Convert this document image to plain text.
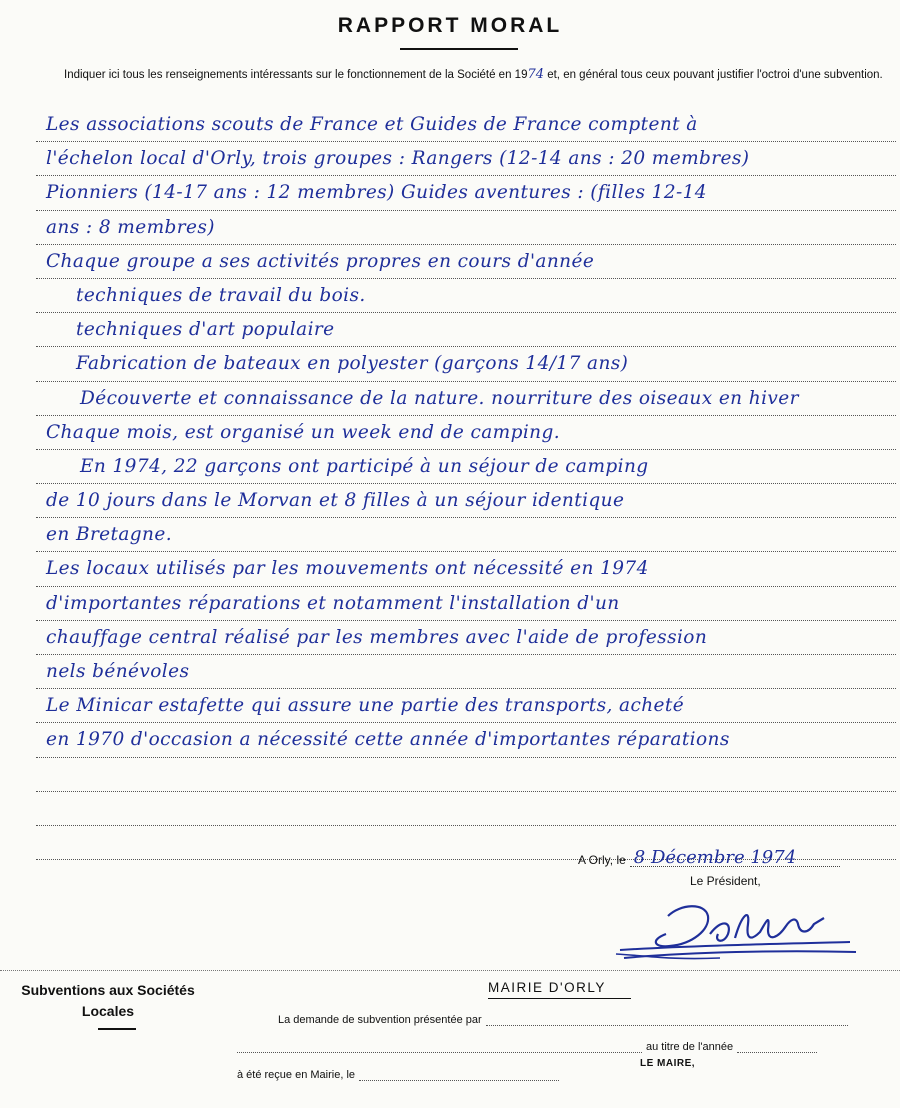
RAPPORT MORAL
Indiquer ici tous les renseignements intéressants sur le fonctionnement de la Société en 1974 et, en général tous ceux pouvant justifier l'octroi d'une subvention.
Les associations scouts de France et Guides de France comptent à
l'échelon local d'Orly, trois groupes : Rangers (12-14 ans : 20 membres)
Pionniers (14-17 ans : 12 membres) Guides aventures : (filles 12-14
ans : 8 membres)
Chaque groupe a ses activités propres en cours d'année
techniques de travail du bois.
techniques d'art populaire
Fabrication de bateaux en polyester (garçons 14/17 ans)
Découverte et connaissance de la nature. nourriture des oiseaux en hiver
Chaque mois, est organisé un week end de camping.
En 1974, 22 garçons ont participé à un séjour de camping
de 10 jours dans le Morvan et 8 filles à un séjour identique
en Bretagne.
Les locaux utilisés par les mouvements ont nécessité en 1974
d'importantes réparations et notamment l'installation d'un
chauffage central réalisé par les membres avec l'aide de profession
nels bénévoles
Le Minicar estafette qui assure une partie des transports, acheté
en 1970 d'occasion a nécessité cette année d'importantes réparations
A Orly, le 8 Décembre 1974
Le Président,
Subventions aux Sociétés Locales
MAIRIE D'ORLY
La demande de subvention présentée par
au titre de l'année
à été reçue en Mairie, le
LE MAIRE,
